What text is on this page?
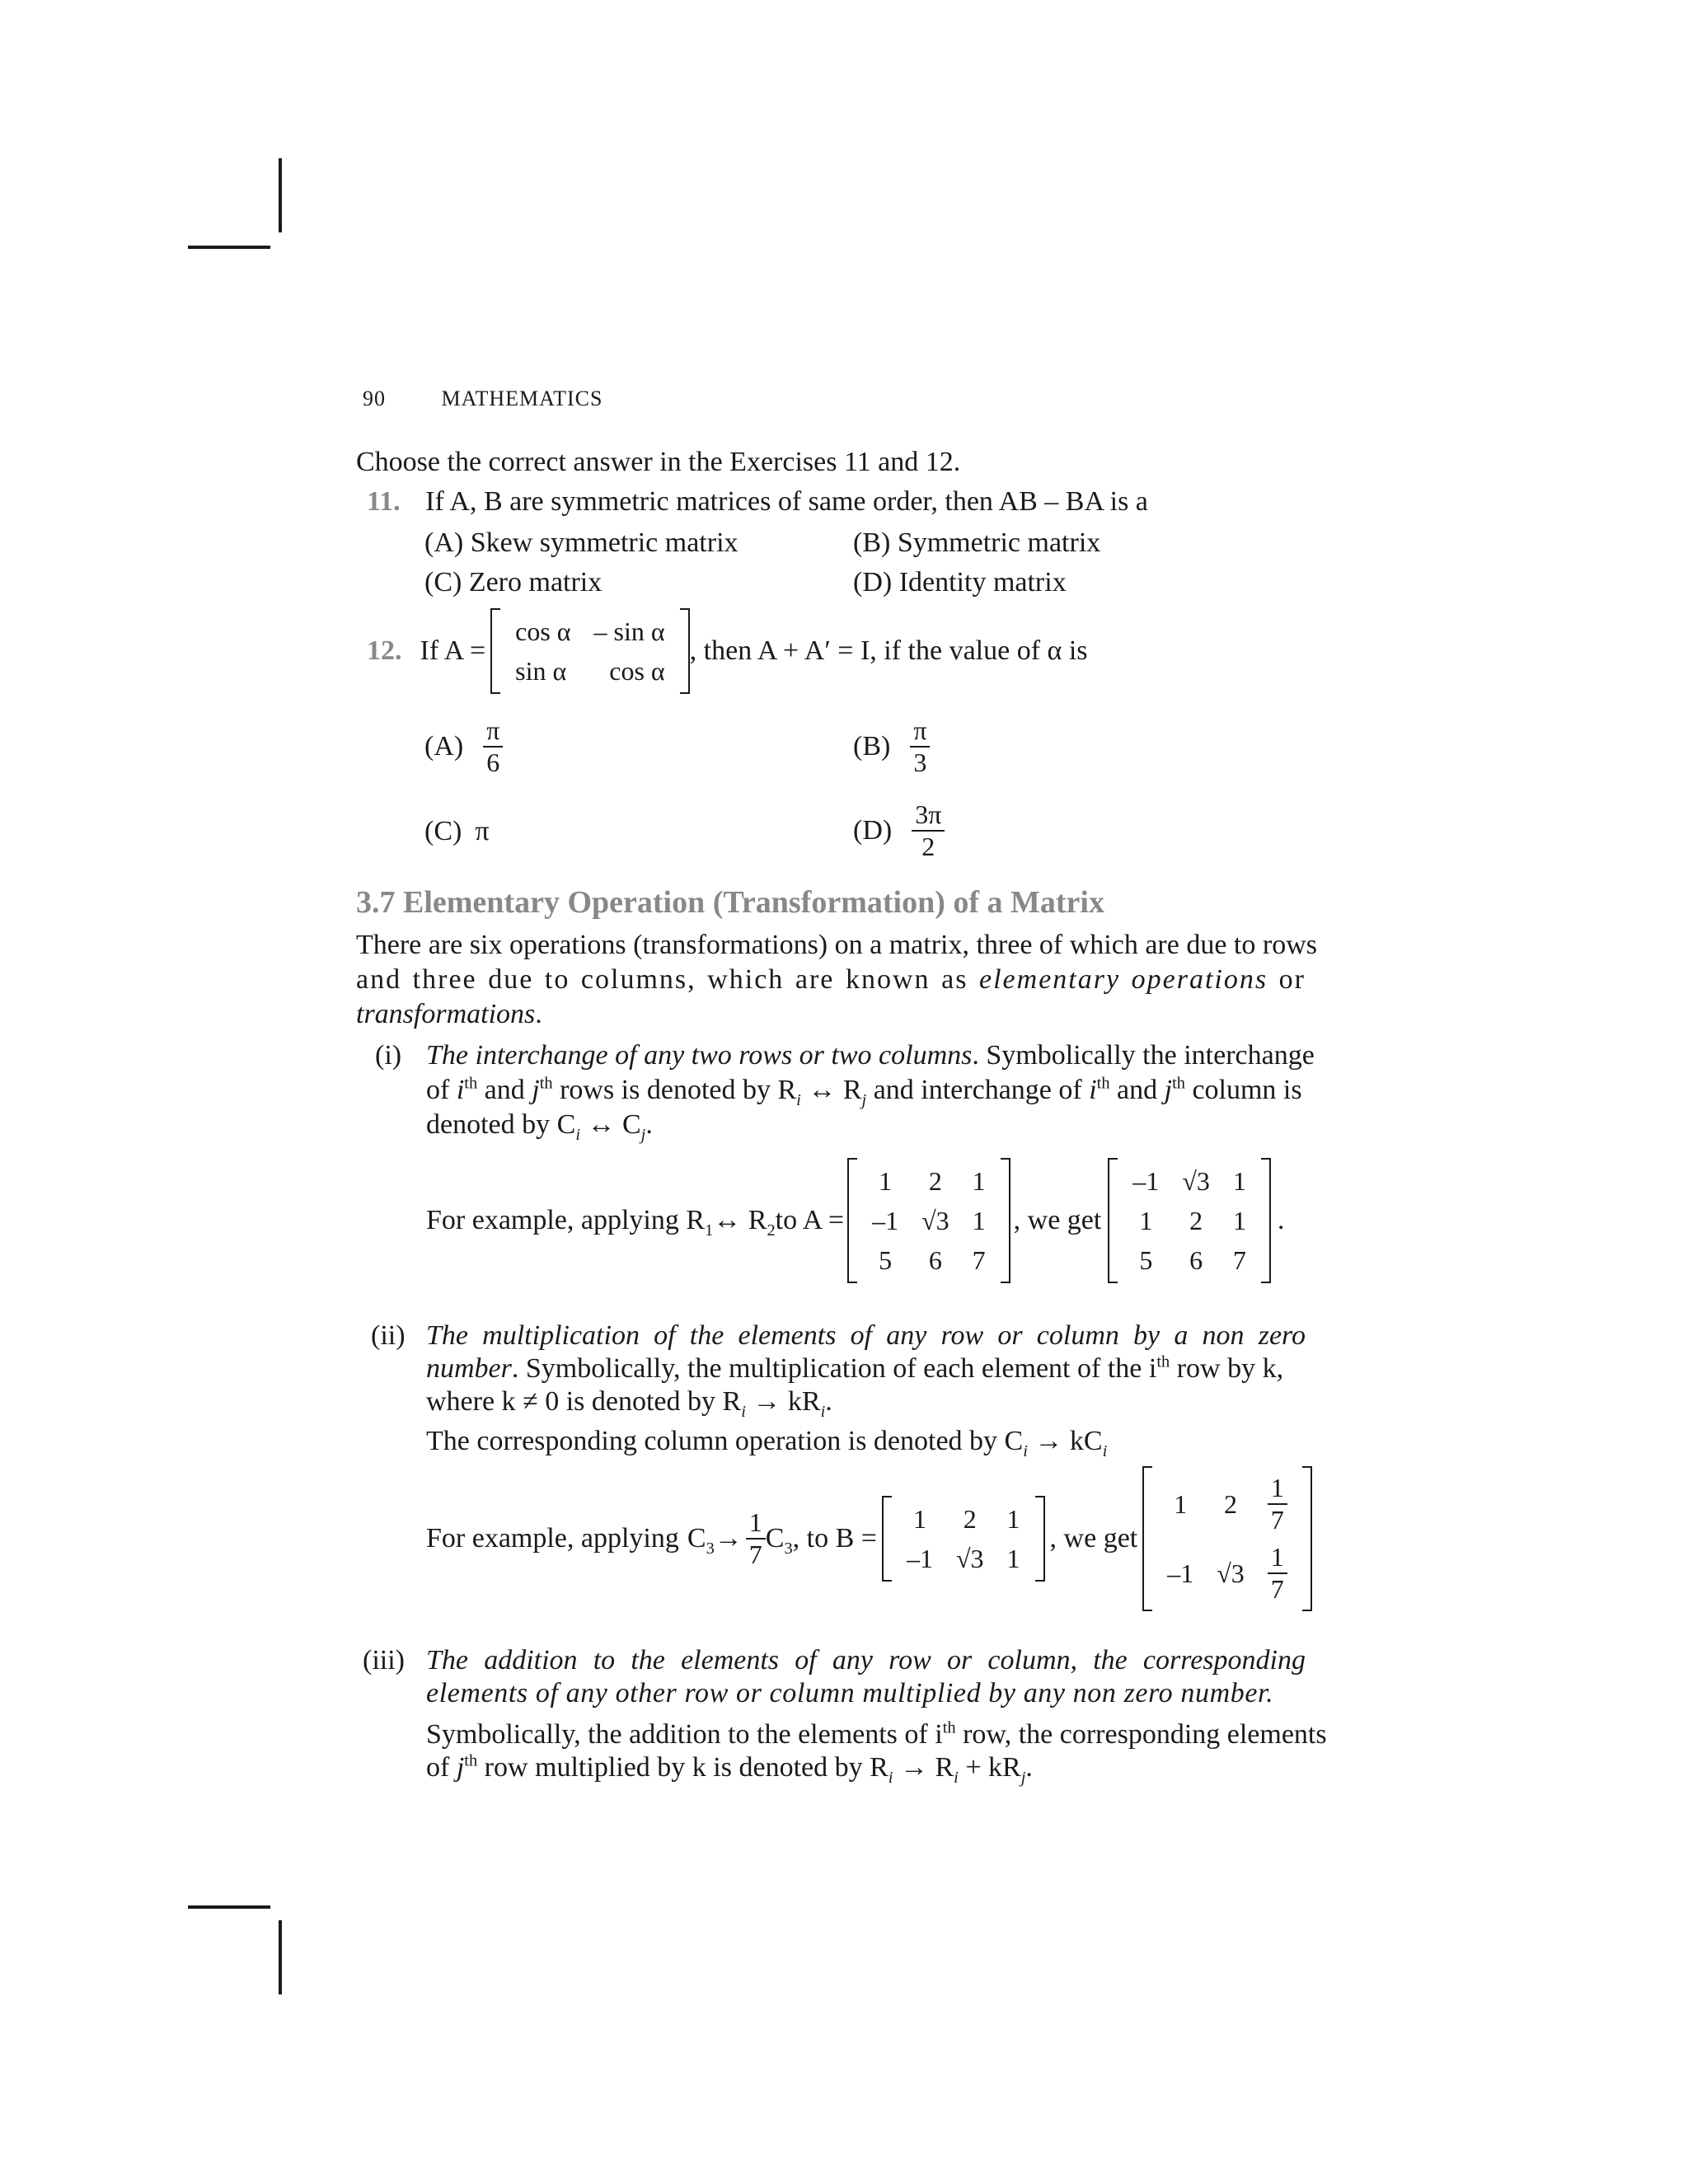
90	MATHEMATICS
Choose the correct answer in the Exercises 11 and 12.
11. If A, B are symmetric matrices of same order, then AB – BA is a
(A) Skew symmetric matrix	(B) Symmetric matrix
(C) Zero matrix	(D) Identity matrix
12. If A =
cos α	– sin α
sin α	cos α
, then A + A′ = I, if the value of α is
$(A) \frac{\pi}{6}$	$(B) \frac{\pi}{3}$
(C) π	$(D) \frac{3\pi}{2}$
3.7 Elementary Operation (Transformation) of a Matrix
There are six operations (transformations) on a matrix, three of which are due to rows
and three due to columns, which are known as elementary operations or
transformations.
(i) The interchange of any two rows or two columns. Symbolically the interchange
of $i^{th}$ and $j^{th}$ rows is denoted by $R_i$ ↔ $R_j$ and interchange of $i^{th}$ and $j^{th}$ column is
denoted by $C_i$ ↔ $C_j$.
For example, applying $R_1$ ↔ $R_2$ to A =
1	2	1
–1	√3	1
5	6	7
, we get
–1	√3	1
1	2	1
5	6	7
.
(ii) The multiplication of the elements of any row or column by a non zero
number. Symbolically, the multiplication of each element of the $i^{th}$ row by k,
where k ≠ 0 is denoted by $R_i \to kR_i$.
The corresponding column operation is denoted by $C_i \to kC_i$
For example, applying $C_3 \to \frac{1}{7} C_3$ , to B =
1	2	1
–1	√3	1
, we get
1	2	$\frac{1}{7}$

–1	√3	$\frac{1}{7}$
(iii) The addition to the elements of any row or column, the corresponding
elements of any other row or column multiplied by any non zero number.
Symbolically, the addition to the elements of $i^{th}$ row, the corresponding elements
of $j^{th}$ row multiplied by k is denoted by $R_i \to R_i + kR_j$.
